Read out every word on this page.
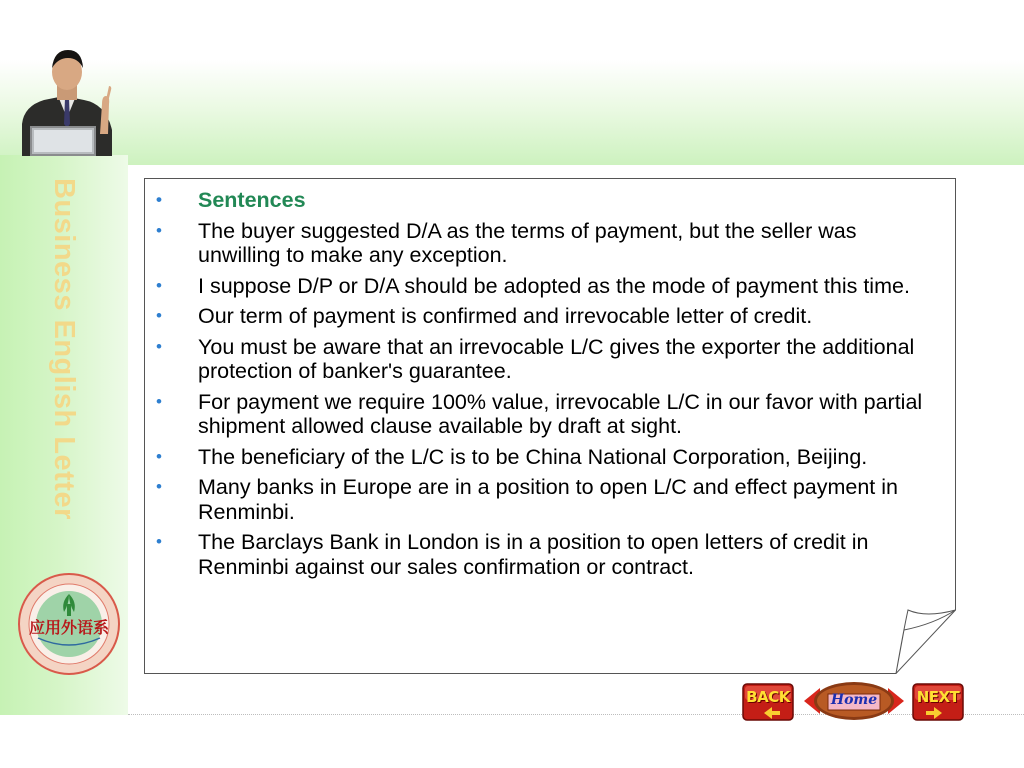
Business English Letter
应用外语系
• Sentences
• The buyer suggested D/A as the terms of payment, but the seller was unwilling to make any exception.
• I suppose D/P or D/A should be adopted as the mode of payment this time.
• Our term of payment is confirmed and irrevocable letter of credit.
• You must be aware that an irrevocable L/C gives the exporter the additional protection of banker's guarantee.
• For payment we require 100% value, irrevocable L/C in our favor with partial shipment allowed clause available by draft at sight.
• The beneficiary of the L/C is to be China National Corporation, Beijing.
• Many banks in Europe are in a position to open L/C and effect payment in Renminbi.
• The Barclays Bank in London is in a position to open letters of credit in Renminbi against our sales confirmation or contract.
BACK	Home	NEXT
